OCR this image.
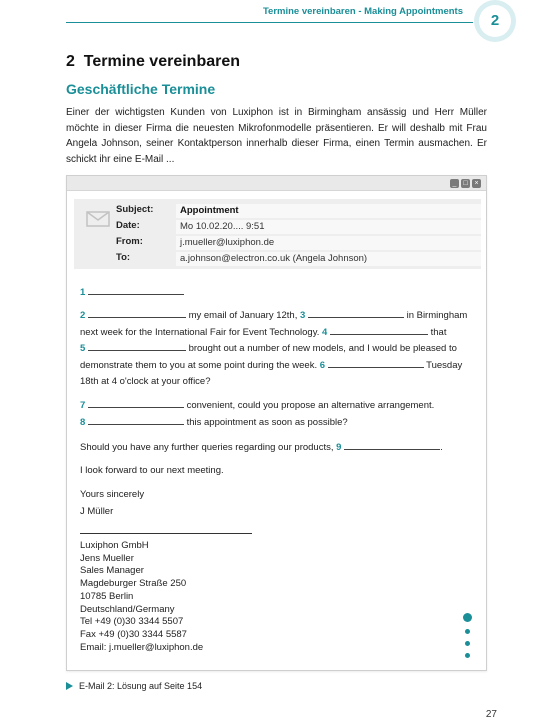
Termine vereinbaren - Making Appointments
2
2 Termine vereinbaren
Geschäftliche Termine

Einer der wichtigsten Kunden von Luxiphon ist in Birmingham ansässig und Herr Müller möchte in dieser Firma die neuesten Mikrofonmodelle präsentieren. Er will deshalb mit Frau Angela Johnson, seiner Kontaktperson innerhalb dieser Firma, einen Termin ausmachen. Er schickt ihr eine E-Mail ...

_ □ ×
Subject:	Appointment
Date:	Mo 10.02.20.... 9:51
From:	j.mueller@luxiphon.de
To:	a.johnson@electron.co.uk (Angela Johnson)
1
2	my email of January 12th, 3	in Birmingham
next week for the International Fair for Event Technology. 4	that
5	brought out a number of new models, and I would be pleased to
demonstrate them to you at some point during the week. 6	Tuesday
18th at 4 o'clock at your office?
7	convenient, could you propose an alternative arrangement.
8	this appointment as soon as possible?
Should you have any further queries regarding our products, 9	.
I look forward to our next meeting.
Yours sincerely
J Müller
Luxiphon GmbH
Jens Mueller
Sales Manager
Magdeburger Straße 250
10785 Berlin
Deutschland/Germany
Tel +49 (0)30 3344 5507
Fax +49 (0)30 3344 5587
Email: j.mueller@luxiphon.de
E-Mail 2: Lösung auf Seite 154
27
